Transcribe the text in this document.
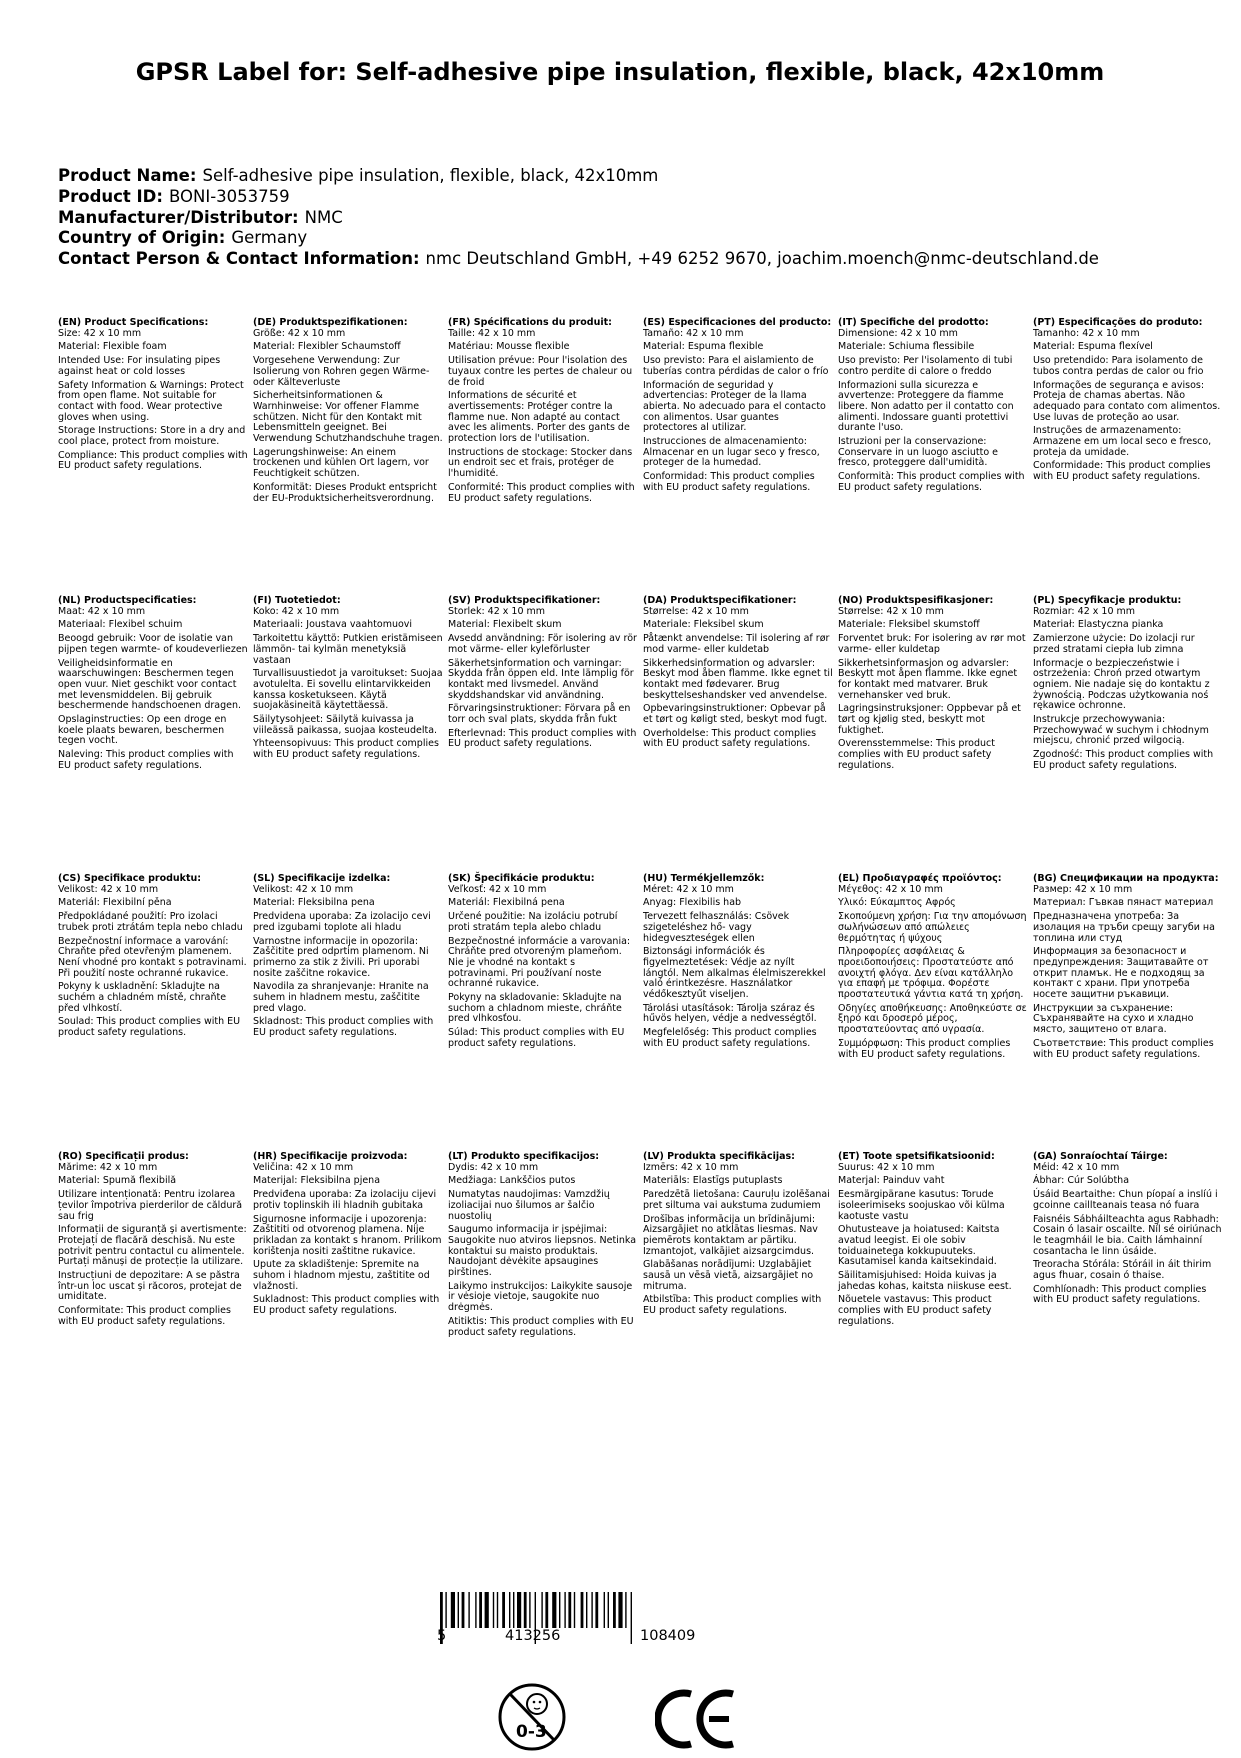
GPSR Label for: Self-adhesive pipe insulation, flexible, black, 42x10mm
Product Name: Self-adhesive pipe insulation, flexible, black, 42x10mm
Product ID: BONI-3053759
Manufacturer/Distributor: NMC
Country of Origin: Germany
Contact Person & Contact Information: nmc Deutschland GmbH, +49 6252 9670, joachim.moench@nmc-deutschland.de
(EN) Product Specifications:
Size: 42 x 10 mm
Material: Flexible foam
Intended Use: For insulating pipes against heat or cold losses
Safety Information & Warnings: Protect from open flame. Not suitable for contact with food. Wear protective gloves when using.
Storage Instructions: Store in a dry and cool place, protect from moisture.
Compliance: This product complies with EU product safety regulations.
(DE) Produktspezifikationen:
Größe: 42 x 10 mm
Material: Flexibler Schaumstoff
Vorgesehene Verwendung: Zur Isolierung von Rohren gegen Wärme- oder Kälteverluste
Sicherheitsinformationen & Warnhinweise: Vor offener Flamme schützen. Nicht für den Kontakt mit Lebensmitteln geeignet. Bei Verwendung Schutzhandschuhe tragen.
Lagerungshinweise: An einem trockenen und kühlen Ort lagern, vor Feuchtigkeit schützen.
Konformität: Dieses Produkt entspricht der EU-Produktsicherheitsverordnung.
(FR) Spécifications du produit:
Taille: 42 x 10 mm
Matériau: Mousse flexible
Utilisation prévue: Pour l'isolation des tuyaux contre les pertes de chaleur ou de froid
Informations de sécurité et avertissements: Protéger contre la flamme nue. Non adapté au contact avec les aliments. Porter des gants de protection lors de l'utilisation.
Instructions de stockage: Stocker dans un endroit sec et frais, protéger de l'humidité.
Conformité: This product complies with EU product safety regulations.
(ES) Especificaciones del producto:
Tamaño: 42 x 10 mm
Material: Espuma flexible
Uso previsto: Para el aislamiento de tuberías contra pérdidas de calor o frío
Información de seguridad y advertencias: Proteger de la llama abierta. No adecuado para el contacto con alimentos. Usar guantes protectores al utilizar.
Instrucciones de almacenamiento: Almacenar en un lugar seco y fresco, proteger de la humedad.
Conformidad: This product complies with EU product safety regulations.
(IT) Specifiche del prodotto:
Dimensione: 42 x 10 mm
Materiale: Schiuma flessibile
Uso previsto: Per l'isolamento di tubi contro perdite di calore o freddo
Informazioni sulla sicurezza e avvertenze: Proteggere da fiamme libere. Non adatto per il contatto con alimenti. Indossare guanti protettivi durante l'uso.
Istruzioni per la conservazione: Conservare in un luogo asciutto e fresco, proteggere dall'umidità.
Conformità: This product complies with EU product safety regulations.
(PT) Especificações do produto:
Tamanho: 42 x 10 mm
Material: Espuma flexível
Uso pretendido: Para isolamento de tubos contra perdas de calor ou frio
Informações de segurança e avisos: Proteja de chamas abertas. Não adequado para contato com alimentos. Use luvas de proteção ao usar.
Instruções de armazenamento: Armazene em um local seco e fresco, proteja da umidade.
Conformidade: This product complies with EU product safety regulations.
(NL) Productspecificaties:
Maat: 42 x 10 mm
Materiaal: Flexibel schuim
Beoogd gebruik: Voor de isolatie van pijpen tegen warmte- of koudeverliezen
Veiligheidsinformatie en waarschuwingen: Beschermen tegen open vuur. Niet geschikt voor contact met levensmiddelen. Bij gebruik beschermende handschoenen dragen.
Opslaginstructies: Op een droge en koele plaats bewaren, beschermen tegen vocht.
Naleving: This product complies with EU product safety regulations.
(FI) Tuotetiedot:
Koko: 42 x 10 mm
Materiaali: Joustava vaahtomuovi
Tarkoitettu käyttö: Putkien eristämiseen lämmön- tai kylmän menetyksiä vastaan
Turvallisuustiedot ja varoitukset: Suojaa avotulelta. Ei sovellu elintarvikkeiden kanssa kosketukseen. Käytä suojakäsineitä käytettäessä.
Säilytysohjeet: Säilytä kuivassa ja viileässä paikassa, suojaa kosteudelta.
Yhteensopivuus: This product complies with EU product safety regulations.
(SV) Produktspecifikationer:
Storlek: 42 x 10 mm
Material: Flexibelt skum
Avsedd användning: För isolering av rör mot värme- eller kyleförluster
Säkerhetsinformation och varningar: Skydda från öppen eld. Inte lämplig för kontakt med livsmedel. Använd skyddshandskar vid användning.
Förvaringsinstruktioner: Förvara på en torr och sval plats, skydda från fukt
Efterlevnad: This product complies with EU product safety regulations.
(DA) Produktspecifikationer:
Størrelse: 42 x 10 mm
Materiale: Fleksibel skum
Påtænkt anvendelse: Til isolering af rør mod varme- eller kuldetab
Sikkerhedsinformation og advarsler: Beskyt mod åben flamme. Ikke egnet til kontakt med fødevarer. Brug beskyttelseshandsker ved anvendelse.
Opbevaringsinstruktioner: Opbevar på et tørt og køligt sted, beskyt mod fugt.
Overholdelse: This product complies with EU product safety regulations.
(NO) Produktspesifikasjoner:
Størrelse: 42 x 10 mm
Materiale: Fleksibel skumstoff
Forventet bruk: For isolering av rør mot varme- eller kuldetap
Sikkerhetsinformasjon og advarsler: Beskytt mot åpen flamme. Ikke egnet for kontakt med matvarer. Bruk vernehansker ved bruk.
Lagringsinstruksjoner: Oppbevar på et tørt og kjølig sted, beskytt mot fuktighet.
Overensstemmelse: This product complies with EU product safety regulations.
(PL) Specyfikacje produktu:
Rozmiar: 42 x 10 mm
Materiał: Elastyczna pianka
Zamierzone użycie: Do izolacji rur przed stratami ciepła lub zimna
Informacje o bezpieczeństwie i ostrzeżenia: Chroń przed otwartym ogniem. Nie nadaje się do kontaktu z żywnością. Podczas użytkowania noś rękawice ochronne.
Instrukcje przechowywania: Przechowywać w suchym i chłodnym miejscu, chronić przed wilgocią.
Zgodność: This product complies with EU product safety regulations.
(CS) Specifikace produktu:
Velikost: 42 x 10 mm
Materiál: Flexibilní pěna
Předpokládané použití: Pro izolaci trubek proti ztrátám tepla nebo chladu
Bezpečnostní informace a varování: Chraňte před otevřeným plamenem. Není vhodné pro kontakt s potravinami. Při použití noste ochranné rukavice.
Pokyny k uskladnění: Skladujte na suchém a chladném místě, chraňte před vlhkostí.
Soulad: This product complies with EU product safety regulations.
(SL) Specifikacije izdelka:
Velikost: 42 x 10 mm
Material: Fleksibilna pena
Predvidena uporaba: Za izolacijo cevi pred izgubami toplote ali hladu
Varnostne informacije in opozorila: Zaščitite pred odprtim plamenom. Ni primerno za stik z živili. Pri uporabi nosite zaščitne rokavice.
Navodila za shranjevanje: Hranite na suhem in hladnem mestu, zaščitite pred vlago.
Skladnost: This product complies with EU product safety regulations.
(SK) Špecifikácie produktu:
Veľkosť: 42 x 10 mm
Materiál: Flexibilná pena
Určené použitie: Na izoláciu potrubí proti stratám tepla alebo chladu
Bezpečnostné informácie a varovania: Chráňte pred otvoreným plameňom. Nie je vhodné na kontakt s potravinami. Pri používaní noste ochranné rukavice.
Pokyny na skladovanie: Skladujte na suchom a chladnom mieste, chráňte pred vlhkosťou.
Súlad: This product complies with EU product safety regulations.
(HU) Termékjellemzők:
Méret: 42 x 10 mm
Anyag: Flexibilis hab
Tervezett felhasználás: Csövek szigeteléshez hő- vagy hidegveszteségek ellen
Biztonsági információk és figyelmeztetések: Védje az nyílt lángtól. Nem alkalmas élelmiszerekkel való érintkezésre. Használatkor védőkesztyűt viseljen.
Tárolási utasítások: Tárolja száraz és hűvös helyen, védje a nedvességtől.
Megfelelőség: This product complies with EU product safety regulations.
(EL) Προδιαγραφές προϊόντος:
Μέγεθος: 42 x 10 mm
Υλικό: Εύκαμπτος Αφρός
Σκοπούμενη χρήση: Για την απομόνωση σωλήνώσεων από απώλειες θερμότητας ή ψύχους
Πληροφορίες ασφάλειας & προειδοποιήσεις: Προστατεύστε από ανοιχτή φλόγα. Δεν είναι κατάλληλο για επαφή με τρόφιμα. Φορέστε προστατευτικά γάντια κατά τη χρήση.
Οδηγίες αποθήκευσης: Αποθηκεύστε σε ξηρό και δροσερό μέρος, προστατεύοντας από υγρασία.
Συμμόρφωση: This product complies with EU product safety regulations.
(BG) Спецификации на продукта:
Размер: 42 x 10 mm
Материал: Гъвкав пянаст материал
Предназначена употреба: За изолация на тръби срещу загуби на топлина или студ
Информация за безопасност и предупреждения: Защитавайте от открит пламък. Не е подходящ за контакт с храни. При употреба носете защитни ръкавици.
Инструкции за съхранение: Съхранявайте на сухо и хладно място, защитено от влага.
Съответствие: This product complies with EU product safety regulations.
(RO) Specificații produs:
Mărime: 42 x 10 mm
Material: Spumă flexibilă
Utilizare intenționată: Pentru izolarea țevilor împotriva pierderilor de căldură sau frig
Informații de siguranță și avertismente: Protejați de flacără deschisă. Nu este potrivit pentru contactul cu alimentele. Purtați mănuși de protecție la utilizare.
Instrucțiuni de depozitare: A se păstra într-un loc uscat și răcoros, protejat de umiditate.
Conformitate: This product complies with EU product safety regulations.
(HR) Specifikacije proizvoda:
Veličina: 42 x 10 mm
Materijal: Fleksibilna pjena
Predviđena uporaba: Za izolaciju cijevi protiv toplinskih ili hladnih gubitaka
Sigurnosne informacije i upozorenja: Zaštititi od otvorenog plamena. Nije prikladan za kontakt s hranom. Prilikom korištenja nositi zaštitne rukavice.
Upute za skladištenje: Spremite na suhom i hladnom mjestu, zaštitite od vlažnosti.
Sukladnost: This product complies with EU product safety regulations.
(LT) Produkto specifikacijos:
Dydis: 42 x 10 mm
Medžiaga: Lankščios putos
Numatytas naudojimas: Vamzdžių izoliacijai nuo šilumos ar šalčio nuostolių
Saugumo informacija ir įspėjimai: Saugokite nuo atviros liepsnos. Netinka kontaktui su maisto produktais. Naudojant dėvėkite apsaugines pirštines.
Laikymo instrukcijos: Laikykite sausoje ir vėsioje vietoje, saugokite nuo drėgmės.
Atitiktis: This product complies with EU product safety regulations.
(LV) Produkta specifikācijas:
Izmērs: 42 x 10 mm
Materiāls: Elastīgs putuplasts
Paredzētā lietošana: Cauruļu izolēšanai pret siltuma vai aukstuma zudumiem
Drošības informācija un brīdinājumi: Aizsargājiet no atklātas liesmas. Nav piemērots kontaktam ar pārtiku. Izmantojot, valkājiet aizsargcimdus.
Glabāšanas norādījumi: Uzglabājiet sausā un vēsā vietā, aizsargājiet no mitruma.
Atbilstība: This product complies with EU product safety regulations.
(ET) Toote spetsifikatsioonid:
Suurus: 42 x 10 mm
Materjal: Painduv vaht
Eesmärgipärane kasutus: Torude isoleerimiseks soojuskao või külma kaotuste vastu
Ohutusteave ja hoiatused: Kaitsta avatud leegist. Ei ole sobiv toiduainetega kokkupuuteks. Kasutamisel kanda kaitsekindaid.
Säilitamisjuhised: Hoida kuivas ja jahedas kohas, kaitsta niiskuse eest.
Nõuetele vastavus: This product complies with EU product safety regulations.
(GA) Sonraíochtaí Táirge:
Méid: 42 x 10 mm
Ábhar: Cúr Solúbtha
Úsáid Beartaithe: Chun píopaí a inslíú i gcoinne caillteanais teasa nó fuara
Faisnéis Sábháilteachta agus Rabhadh: Cosain ó lasair oscailte. Níl sé oiriúnach le teagmháil le bia. Caith lámhainní cosantacha le linn úsáide.
Treoracha Stórála: Stóráil in áit thirim agus fhuar, cosain ó thaise.
Comhlíonadh: This product complies with EU product safety regulations.
5	413256	108409
0-3
